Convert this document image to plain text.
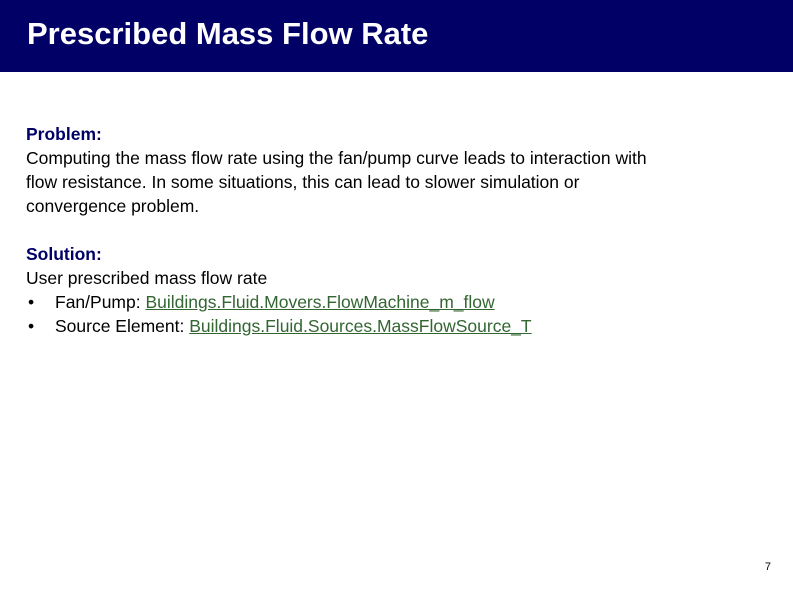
Prescribed Mass Flow Rate
Problem:
Computing the mass flow rate using the fan/pump curve leads to interaction with
flow resistance. In some situations, this can lead to slower simulation or
convergence problem.
Solution:
User prescribed mass flow rate
• Fan/Pump: Buildings.Fluid.Movers.FlowMachine_m_flow
• Source Element: Buildings.Fluid.Sources.MassFlowSource_T
7
